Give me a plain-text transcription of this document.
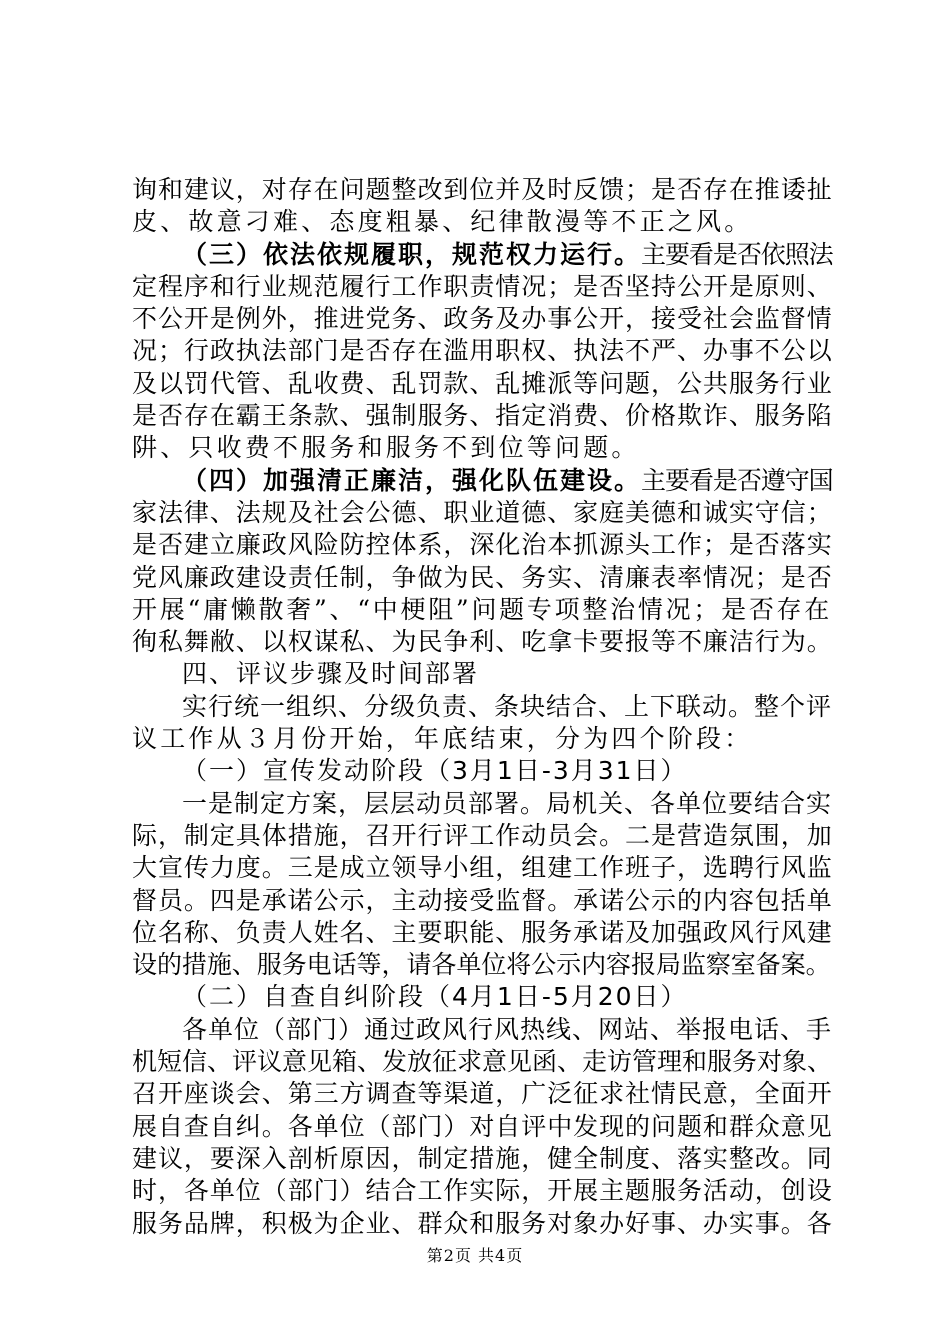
询和建议，对存在问题整改到位并及时反馈；是否存在推诿扯
皮、故意刁难、态度粗暴、纪律散漫等不正之风。
（三）依法依规履职，规范权力运行。主要看是否依照法
定程序和行业规范履行工作职责情况；是否坚持公开是原则、
不公开是例外，推进党务、政务及办事公开，接受社会监督情
况；行政执法部门是否存在滥用职权、执法不严、办事不公以
及以罚代管、乱收费、乱罚款、乱摊派等问题，公共服务行业
是否存在霸王条款、强制服务、指定消费、价格欺诈、服务陷
阱、只收费不服务和服务不到位等问题。
（四）加强清正廉洁，强化队伍建设。主要看是否遵守国
家法律、法规及社会公德、职业道德、家庭美德和诚实守信；
是否建立廉政风险防控体系，深化治本抓源头工作；是否落实
党风廉政建设责任制，争做为民、务实、清廉表率情况；是否
开展“庸懒散奢”、“中梗阻”问题专项整治情况；是否存在
徇私舞敝、以权谋私、为民争利、吃拿卡要报等不廉洁行为。
四、评议步骤及时间部署
实行统一组织、分级负责、条块结合、上下联动。整个评
议工作从３月份开始，年底结束，分为四个阶段：
（一）宣传发动阶段（3月1日-3月31日）
一是制定方案，层层动员部署。局机关、各单位要结合实
际，制定具体措施，召开行评工作动员会。二是营造氛围，加
大宣传力度。三是成立领导小组，组建工作班子，选聘行风监
督员。四是承诺公示，主动接受监督。承诺公示的内容包括单
位名称、负责人姓名、主要职能、服务承诺及加强政风行风建
设的措施、服务电话等，请各单位将公示内容报局监察室备案。
（二）自查自纠阶段（4月1日-5月20日）
各单位（部门）通过政风行风热线、网站、举报电话、手
机短信、评议意见箱、发放征求意见函、走访管理和服务对象、
召开座谈会、第三方调查等渠道，广泛征求社情民意，全面开
展自查自纠。各单位（部门）对自评中发现的问题和群众意见
建议，要深入剖析原因，制定措施，健全制度、落实整改。同
时，各单位（部门）结合工作实际，开展主题服务活动，创设
服务品牌，积极为企业、群众和服务对象办好事、办实事。各
第2页 共4页
